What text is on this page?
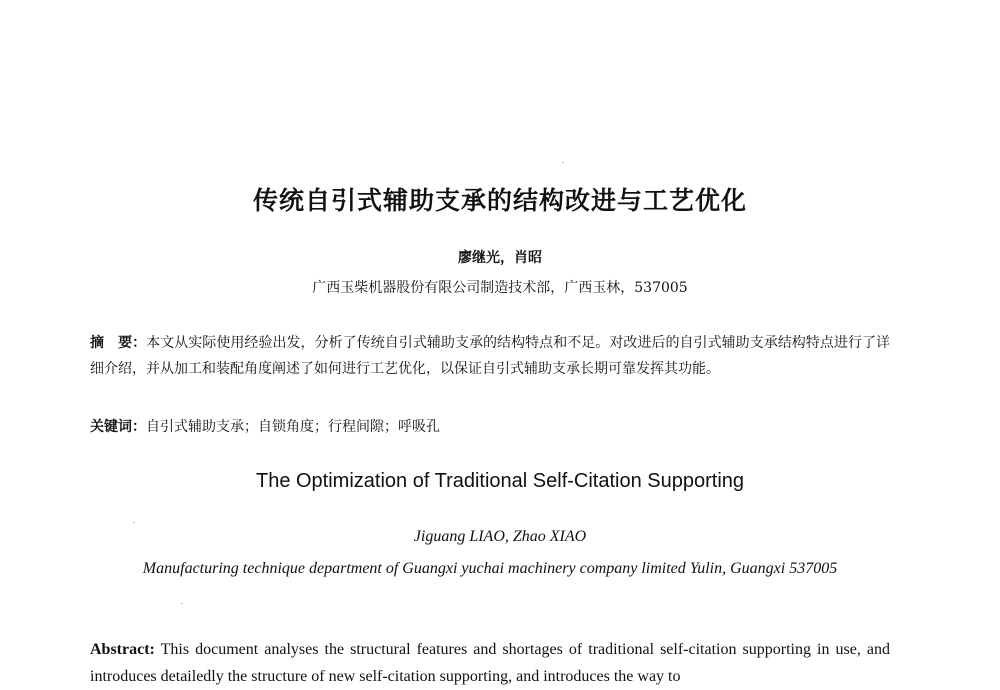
传统自引式辅助支承的结构改进与工艺优化
廖继光，肖昭
广西玉柴机器股份有限公司制造技术部，广西玉林，537005
摘　要：本文从实际使用经验出发，分析了传统自引式辅助支承的结构特点和不足。对改进后的自引式辅助支承结构特点进行了详细介绍，并从加工和装配角度阐述了如何进行工艺优化，以保证自引式辅助支承长期可靠发挥其功能。
关键词：自引式辅助支承；自锁角度；行程间隙；呼吸孔
The Optimization of Traditional Self-Citation Supporting
Jiguang LIAO, Zhao XIAO
Manufacturing technique department of Guangxi yuchai machinery company limited Yulin, Guangxi 537005
Abstract: This document analyses the structural features and shortages of traditional self-citation supporting in use, and introduces detailedly the structure of new self-citation supporting, and introduces the way to
